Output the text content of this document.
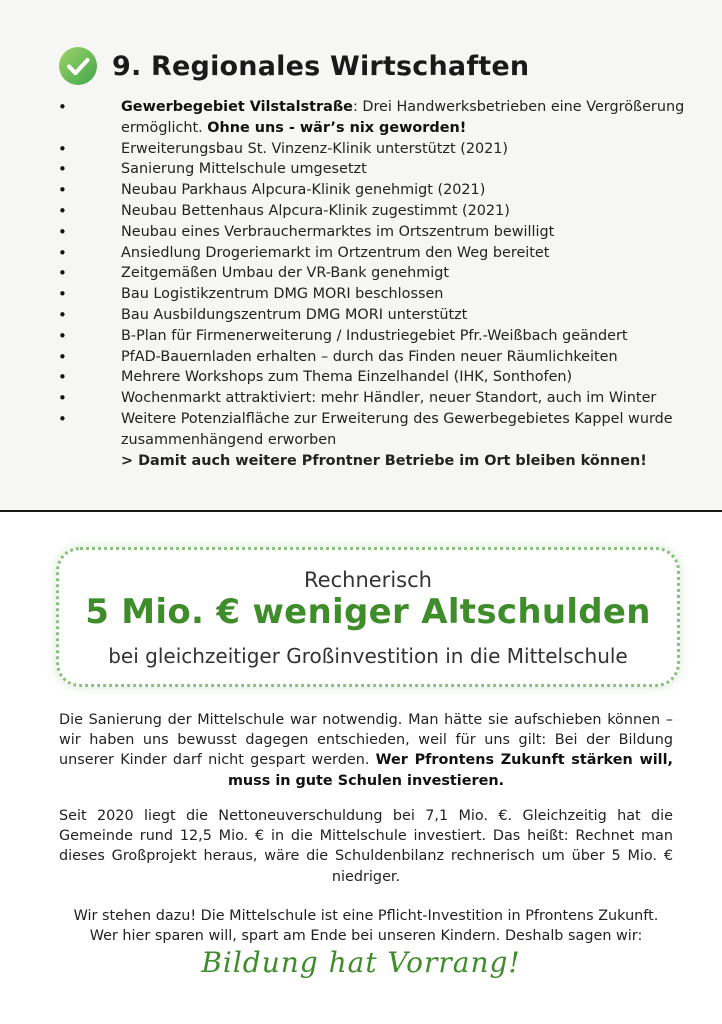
9. Regionales Wirtschaften
• Gewerbegebiet Vilstalstraße: Drei Handwerksbetrieben eine Vergrößerung ermöglicht. Ohne uns - wär’s nix geworden!
• Erweiterungsbau St. Vinzenz-Klinik unterstützt (2021)
• Sanierung Mittelschule umgesetzt
• Neubau Parkhaus Alpcura-Klinik genehmigt (2021)
• Neubau Bettenhaus Alpcura-Klinik zugestimmt (2021)
• Neubau eines Verbrauchermarktes im Ortszentrum bewilligt
• Ansiedlung Drogeriemarkt im Ortzentrum den Weg bereitet
• Zeitgemäßen Umbau der VR-Bank genehmigt
• Bau Logistikzentrum DMG MORI beschlossen
• Bau Ausbildungszentrum DMG MORI unterstützt
• B-Plan für Firmenerweiterung / Industriegebiet Pfr.-Weißbach geändert
• PfAD-Bauernladen erhalten – durch das Finden neuer Räumlichkeiten
• Mehrere Workshops zum Thema Einzelhandel (IHK, Sonthofen)
• Wochenmarkt attraktiviert: mehr Händler, neuer Standort, auch im Winter
• Weitere Potenzialfläche zur Erweiterung des Gewerbegebietes Kappel wurde zusammenhängend erworben
> Damit auch weitere Pfrontner Betriebe im Ort bleiben können!
Rechnerisch
5 Mio. € weniger Altschulden
bei gleichzeitiger Großinvestition in die Mittelschule

Die Sanierung der Mittelschule war notwendig. Man hätte sie aufschieben können – wir haben uns bewusst dagegen entschieden, weil für uns gilt: Bei der Bildung unserer Kinder darf nicht gespart werden. Wer Pfrontens Zukunft stärken will, muss in gute Schulen investieren.

Seit 2020 liegt die Nettoneuverschuldung bei 7,1 Mio. €. Gleichzeitig hat die Gemeinde rund 12,5 Mio. € in die Mittelschule investiert. Das heißt: Rechnet man dieses Großprojekt heraus, wäre die Schuldenbilanz rechnerisch um über 5 Mio. € niedriger.

Wir stehen dazu! Die Mittelschule ist eine Pflicht-Investition in Pfrontens Zukunft. Wer hier sparen will, spart am Ende bei unseren Kindern. Deshalb sagen wir:

Bildung hat Vorrang!
